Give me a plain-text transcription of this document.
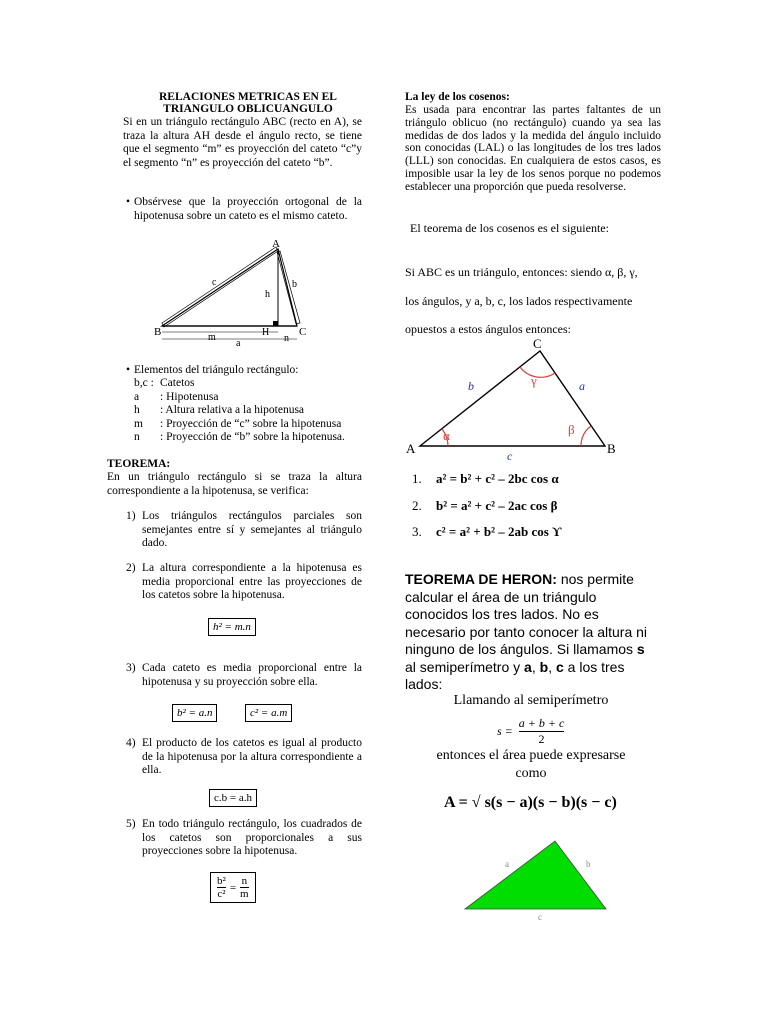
RELACIONES METRICAS EN EL
TRIANGULO OBLICUANGULO
Si en un triángulo rectángulo ABC (recto en A), se traza la altura AH desde el ángulo recto, se tiene que el segmento “m” es proyección del cateto “c”y el segmento “n” es proyección del cateto “b”.
• Obsérvese que la proyección ortogonal de la hipotenusa sobre un cateto es el mismo cateto.
A
B	C
H
c	b
h
m	n
a
• Elementos del triángulo rectángulo:
b,c : Catetos
a	: Hipotenusa
h	: Altura relativa a la hipotenusa
m	: Proyección de “c” sobre la hipotenusa
n	: Proyección de “b” sobre la hipotenusa.
TEOREMA:
En un triángulo rectángulo si se traza la altura correspondiente a la hipotenusa, se verifica:
1) Los triángulos rectángulos parciales son semejantes entre sí y semejantes al triángulo dado.
2) La altura correspondiente a la hipotenusa es media proporcional entre las proyecciones de los catetos sobre la hipotenusa.
h² = m.n
3) Cada cateto es media proporcional entre la hipotenusa y su proyección sobre ella.
b² = a.n	c² = a.m
4) El producto de los catetos es igual al producto de la hipotenusa por la altura correspondiente a ella.
c.b = a.h
5) En todo triángulo rectángulo, los cuadrados de los catetos son proporcionales a sus proyecciones sobre la hipotenusa.
$\frac{\text{b²}}{\text{c²}} = \frac{n}{m}$
La ley de los cosenos:
Es usada para encontrar las partes faltantes de un triángulo oblicuo (no rectángulo) cuando ya sea las medidas de dos lados y la medida del ángulo incluido son conocidas (LAL) o las longitudes de los tres lados (LLL) son conocidas. En cualquiera de estos casos, es imposible usar la ley de los senos porque no podemos establecer una proporción que pueda resolverse.
El teorema de los cosenos es el siguiente:
Si ABC es un triángulo, entonces: siendo α, β, γ,
los ángulos, y a, b, c, los lados respectivamente
opuestos a estos ángulos entonces:
A
C
B
b	a
c
α	β
γ
1. a² = b² + c² – 2bc cos α
2. b² = a² + c² – 2ac cos β
3. c² = a² + b² – 2ab cos ϒ
TEOREMA DE HERON: nos permite calcular el área de un triángulo conocidos los tres lados. No es necesario por tanto conocer la altura ni ninguno de los ángulos. Si llamamos s al semiperímetro y a, b, c a los tres lados:
Llamando al semiperímetro
$s = \frac{a + b + c}{2}$
entonces el área puede expresarse
como
A = √ s(s − a)(s − b)(s − c)
a	b
c
